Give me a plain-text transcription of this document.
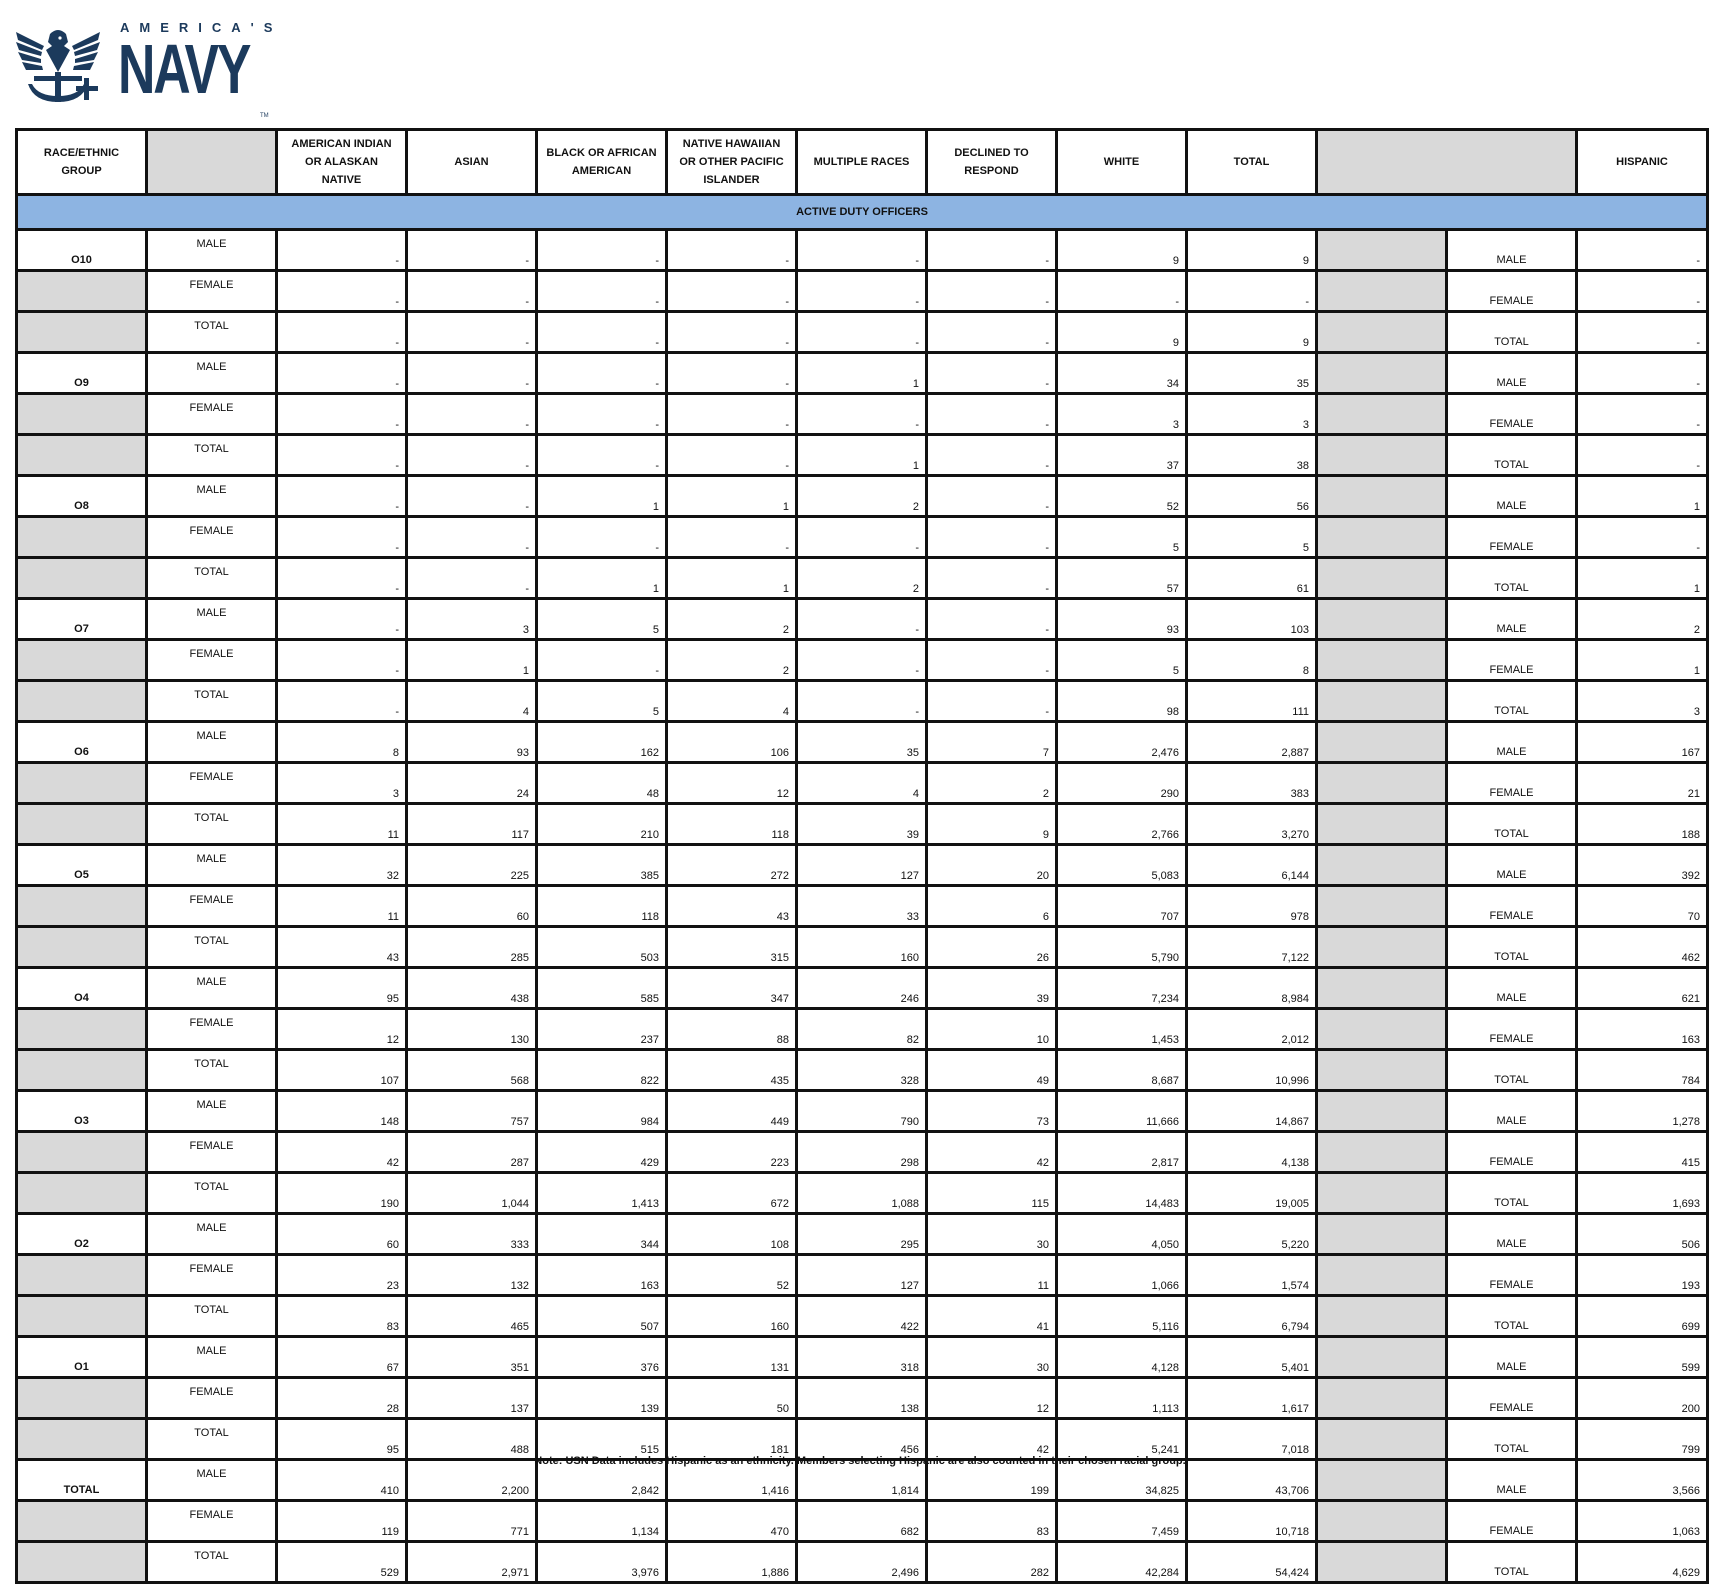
AMERICA'S
NAVY
TM
RACE/ETHNIC GROUP		AMERICAN INDIAN OR ALASKAN NATIVE	ASIAN	BLACK OR AFRICAN AMERICAN	NATIVE HAWAIIAN OR OTHER PACIFIC ISLANDER	MULTIPLE RACES	DECLINED TO RESPOND	WHITE	TOTAL			HISPANIC
ACTIVE DUTY OFFICERS												
O10	MALE	-	-	-	-	-	-	9	9		MALE	-
	FEMALE	-	-	-	-	-	-	-	-		FEMALE	-
	TOTAL	-	-	-	-	-	-	9	9		TOTAL	-
O9	MALE	-	-	-	-	1	-	34	35		MALE	-
	FEMALE	-	-	-	-	-	-	3	3		FEMALE	-
	TOTAL	-	-	-	-	1	-	37	38		TOTAL	-
O8	MALE	-	-	1	1	2	-	52	56		MALE	1
	FEMALE	-	-	-	-	-	-	5	5		FEMALE	-
	TOTAL	-	-	1	1	2	-	57	61		TOTAL	1
O7	MALE	-	3	5	2	-	-	93	103		MALE	2
	FEMALE	-	1	-	2	-	-	5	8		FEMALE	1
	TOTAL	-	4	5	4	-	-	98	111		TOTAL	3
O6	MALE	8	93	162	106	35	7	2,476	2,887		MALE	167
	FEMALE	3	24	48	12	4	2	290	383		FEMALE	21
	TOTAL	11	117	210	118	39	9	2,766	3,270		TOTAL	188
O5	MALE	32	225	385	272	127	20	5,083	6,144		MALE	392
	FEMALE	11	60	118	43	33	6	707	978		FEMALE	70
	TOTAL	43	285	503	315	160	26	5,790	7,122		TOTAL	462
O4	MALE	95	438	585	347	246	39	7,234	8,984		MALE	621
	FEMALE	12	130	237	88	82	10	1,453	2,012		FEMALE	163
	TOTAL	107	568	822	435	328	49	8,687	10,996		TOTAL	784
O3	MALE	148	757	984	449	790	73	11,666	14,867		MALE	1,278
	FEMALE	42	287	429	223	298	42	2,817	4,138		FEMALE	415
	TOTAL	190	1,044	1,413	672	1,088	115	14,483	19,005		TOTAL	1,693
O2	MALE	60	333	344	108	295	30	4,050	5,220		MALE	506
	FEMALE	23	132	163	52	127	11	1,066	1,574		FEMALE	193
	TOTAL	83	465	507	160	422	41	5,116	6,794		TOTAL	699
O1	MALE	67	351	376	131	318	30	4,128	5,401		MALE	599
	FEMALE	28	137	139	50	138	12	1,113	1,617		FEMALE	200
	TOTAL	95	488	515	181	456	42	5,241	7,018		TOTAL	799
TOTAL	MALE	410	2,200	2,842	1,416	1,814	199	34,825	43,706		MALE	3,566
	FEMALE	119	771	1,134	470	682	83	7,459	10,718		FEMALE	1,063
	TOTAL	529	2,971	3,976	1,886	2,496	282	42,284	54,424		TOTAL	4,629
Note: USN Data includes Hispanic as an ethnicity. Members selecting Hispanic are also counted in their chosen racial group.
